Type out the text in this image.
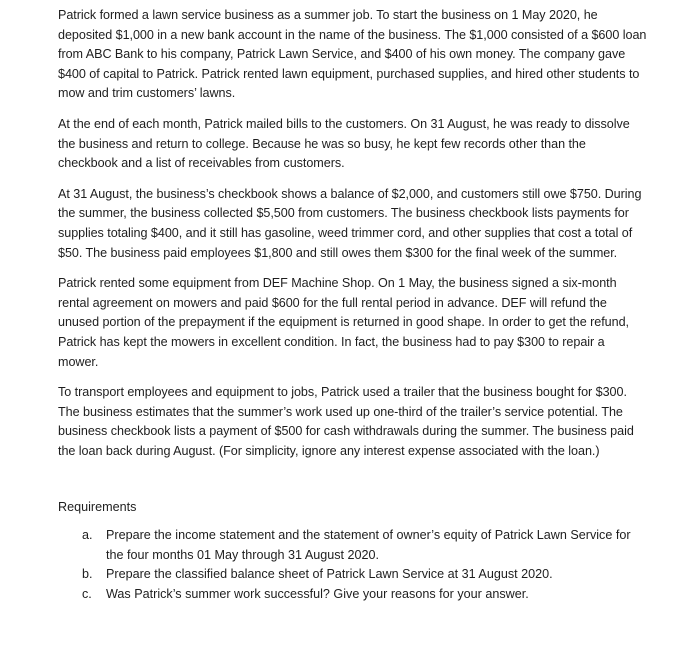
Patrick formed a lawn service business as a summer job. To start the business on 1 May 2020, he deposited $1,000 in a new bank account in the name of the business. The $1,000 consisted of a $600 loan from ABC Bank to his company, Patrick Lawn Service, and $400 of his own money. The company gave $400 of capital to Patrick. Patrick rented lawn equipment, purchased supplies, and hired other students to mow and trim customers’ lawns.

At the end of each month, Patrick mailed bills to the customers. On 31 August, he was ready to dissolve the business and return to college. Because he was so busy, he kept few records other than the checkbook and a list of receivables from customers.

At 31 August, the business’s checkbook shows a balance of $2,000, and customers still owe $750. During the summer, the business collected $5,500 from customers. The business checkbook lists payments for supplies totaling $400, and it still has gasoline, weed trimmer cord, and other supplies that cost a total of $50. The business paid employees $1,800 and still owes them $300 for the final week of the summer.

Patrick rented some equipment from DEF Machine Shop. On 1 May, the business signed a six-month rental agreement on mowers and paid $600 for the full rental period in advance. DEF will refund the unused portion of the prepayment if the equipment is returned in good shape. In order to get the refund, Patrick has kept the mowers in excellent condition. In fact, the business had to pay $300 to repair a mower.

To transport employees and equipment to jobs, Patrick used a trailer that the business bought for $300. The business estimates that the summer’s work used up one-third of the trailer’s service potential. The business checkbook lists a payment of $500 for cash withdrawals during the summer. The business paid the loan back during August. (For simplicity, ignore any interest expense associated with the loan.)

Requirements
a.	Prepare the income statement and the statement of owner’s equity of Patrick Lawn Service for the four months 01 May through 31 August 2020.
b.	Prepare the classified balance sheet of Patrick Lawn Service at 31 August 2020.
c.	Was Patrick’s summer work successful? Give your reasons for your answer.
